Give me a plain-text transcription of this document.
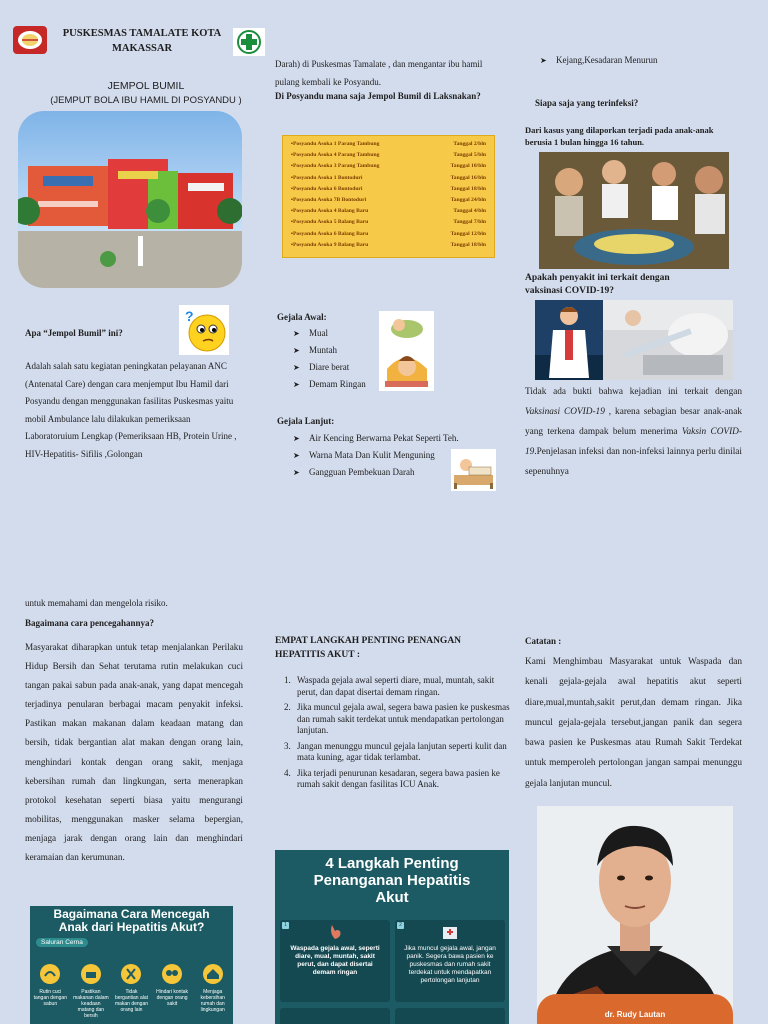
PUSKESMAS TAMALATE KOTA
MAKASSAR
JEMPOL BUMIL
(JEMPUT BOLA IBU HAMIL DI POSYANDU )
?
Apa “Jempol Bumil” ini?
Adalah salah satu kegiatan peningkatan pelayanan ANC (Antenatal Care) dengan cara menjemput Ibu Hamil dari Posyandu dengan menggunakan fasilitas Puskesmas yaitu mobil Ambulance lalu dilakukan pemeriksaan Laboratoruium Lengkap (Pemeriksaan HB, Protein Urine , HIV-Hepatitis- Sifilis ,Golongan
Darah) di Puskesmas Tamalate , dan mengantar ibu hamil pulang kembali ke Posyandu.
Di Posyandu mana saja Jempol Bumil di Laksnakan?
▪ Posyandu Asoka 1 Parang Tambung	Tanggal 2/bln
▪ Posyandu Asoka 4 Parang Tambung	Tanggal 5/bln
▪ Posyandu Asoka 3 Parang Tambung	Tanggal 10/bln
▪ Posyandu Asoka 1 Bontoduri	Tanggal 16/bln
▪ Posyandu Asoka 6 Bontoduri	Tanggal 18/bln
▪ Posyandu Asoka 7B Bontoduri	Tanggal 24/bln
▪ Posyandu Asoka 4 Balang Baru	Tanggal 4/bln
▪ Posyandu Asoka 5 Balang Baru	Tanggal 7/bln
▪ Posyandu Asoka 6 Balang Baru	Tanggal 12/bln
▪ Posyandu Asoka 9 Balang Baru	Tanggal 18/bln
Gejala Awal:
➤ Mual
➤ Muntah
➤ Diare berat
➤ Demam Ringan
Gejala Lanjut:
➤ Air Kencing Berwarna Pekat Seperti Teh.
➤ Warna Mata Dan Kulit Menguning
➤ Gangguan Pembekuan Darah
➤ Kejang,Kesadaran Menurun
Siapa saja yang terinfeksi?
Dari kasus yang dilaporkan terjadi pada anak-anak berusia 1 bulan hingga 16 tahun.
Apakah penyakit ini terkait dengan vaksinasi COVID-19?
Tidak ada bukti bahwa kejadian ini terkait dengan Vaksinasi COVID-19 , karena sebagian besar anak-anak yang terkena dampak belum menerima Vaksin COVID-19.Penjelasan infeksi dan non-infeksi lainnya perlu dinilai sepenuhnya
untuk memahami dan mengelola risiko.
Bagaimana cara pencegahannya?
Masyarakat diharapkan untuk tetap menjalankan Perilaku Hidup Bersih dan Sehat terutama rutin melakukan cuci tangan pakai sabun pada anak-anak, yang dapat mencegah terjadinya penularan berbagai macam penyakit infeksi. Pastikan makan makanan dalam keadaan matang dan bersih, tidak bergantian alat makan dengan orang lain, menghindari kontak dengan orang sakit, menjaga kebersihan rumah dan lingkungan, serta menerapkan protokol kesehatan seperti biasa yaitu mengurangi mobilitas, menggunakan masker selama bepergian, menjaga jarak dengan orang lain dan menghindari keramaian dan kerumunan.
Bagaimana Cara Mencegah Anak dari Hepatitis Akut?
Saluran Cerna
Rutin cuci tangan dengan sabun
Pastikan makanan dalam keadaan matang dan bersih
Tidak bergantian alat makan dengan orang lain
Hindari kontak dengan orang sakit
Menjaga kebersihan rumah dan lingkungan
EMPAT LANGKAH PENTING PENANGAN HEPATITIS AKUT :
1. Waspada gejala awal seperti diare, mual, muntah, sakit perut, dan dapat disertai demam ringan.
2. Jika muncul gejala awal, segera bawa pasien ke puskesmas dan rumah sakit terdekat untuk mendapatkan pertolongan lanjutan.
3. Jangan menunggu muncul gejala lanjutan seperti kulit dan mata kuning, agar tidak terlambat.
4. Jika terjadi penurunan kesadaran, segera bawa pasien ke rumah sakit dengan fasilitas ICU Anak.
4 Langkah Penting Penanganan Hepatitis Akut
1
Waspada gejala awal, seperti diare, mual, muntah, sakit perut, dan dapat disertai demam ringan
2
Jika muncul gejala awal, jangan panik. Segera bawa pasien ke puskesmas dan rumah sakit terdekat untuk mendapatkan pertolongan lanjutan
Catatan :
Kami Menghimbau Masyarakat untuk Waspada dan kenali gejala-gejala awal hepatitis akut seperti diare,mual,muntah,sakit perut,dan demam ringan. Jika muncul gejala-gejala tersebut,jangan panik dan segera bawa pasien ke Puskesmas atau Rumah Sakit Terdekat untuk memperoleh pertolongan jangan sampai menunggu gejala lanjutan muncul.
$_{dr. Rudy Lautan}$
